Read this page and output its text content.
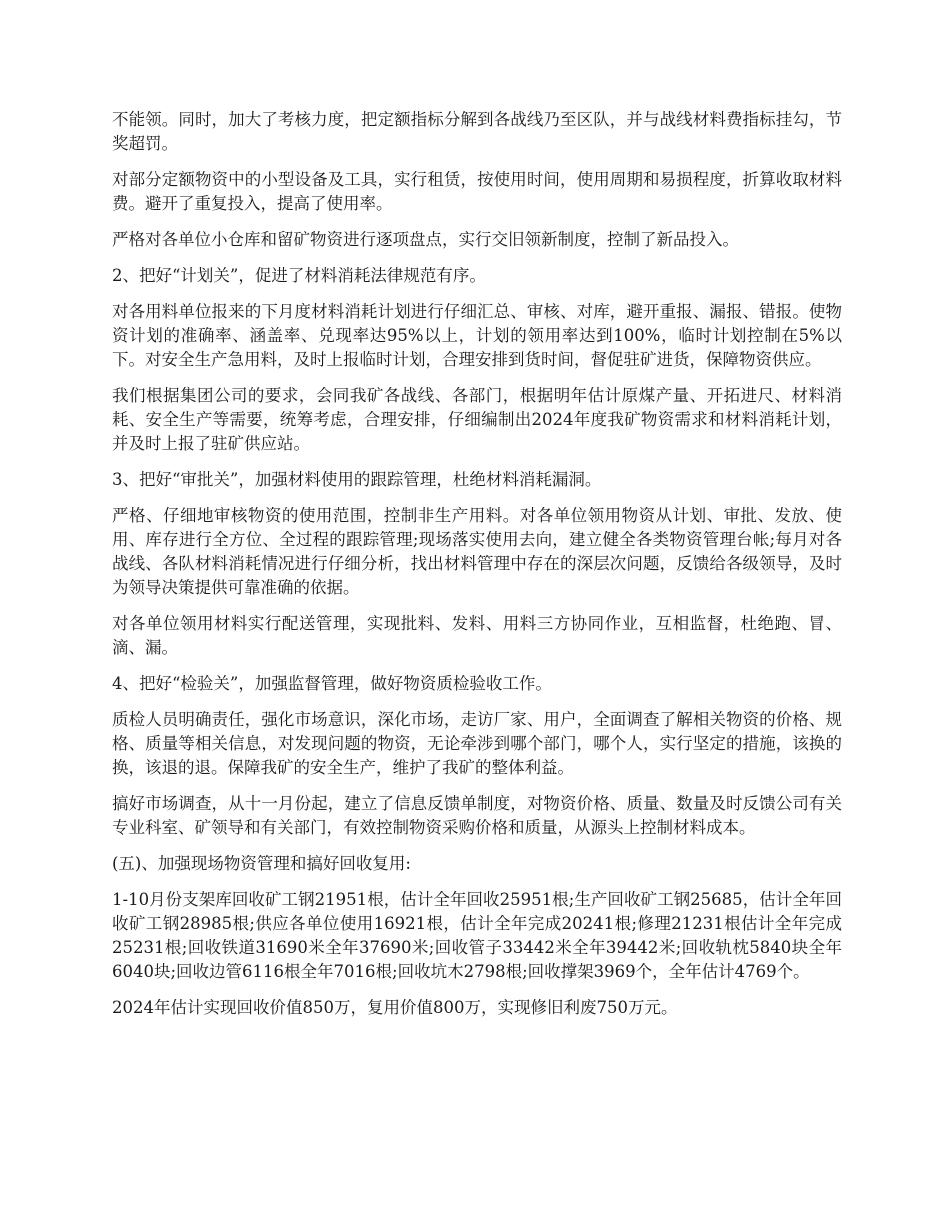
不能领。同时，加大了考核力度，把定额指标分解到各战线乃至区队，并与战线材料费指标挂勾，节奖超罚。

对部分定额物资中的小型设备及工具，实行租赁，按使用时间，使用周期和易损程度，折算收取材料费。避开了重复投入，提高了使用率。

严格对各单位小仓库和留矿物资进行逐项盘点，实行交旧领新制度，控制了新品投入。

2、把好“计划关”，促进了材料消耗法律规范有序。

对各用料单位报来的下月度材料消耗计划进行仔细汇总、审核、对库，避开重报、漏报、错报。使物资计划的准确率、涵盖率、兑现率达95%以上，计划的领用率达到100%，临时计划控制在5%以下。对安全生产急用料，及时上报临时计划，合理安排到货时间，督促驻矿进货，保障物资供应。

我们根据集团公司的要求，会同我矿各战线、各部门，根据明年估计原煤产量、开拓进尺、材料消耗、安全生产等需要，统筹考虑，合理安排，仔细编制出2024年度我矿物资需求和材料消耗计划，并及时上报了驻矿供应站。

3、把好“审批关”，加强材料使用的跟踪管理，杜绝材料消耗漏洞。

严格、仔细地审核物资的使用范围，控制非生产用料。对各单位领用物资从计划、审批、发放、使用、库存进行全方位、全过程的跟踪管理;现场落实使用去向，建立健全各类物资管理台帐;每月对各战线、各队材料消耗情况进行仔细分析，找出材料管理中存在的深层次问题，反馈给各级领导，及时为领导决策提供可靠准确的依据。

对各单位领用材料实行配送管理，实现批料、发料、用料三方协同作业，互相监督，杜绝跑、冒、滴、漏。

4、把好“检验关”，加强监督管理，做好物资质检验收工作。

质检人员明确责任，强化市场意识，深化市场，走访厂家、用户，全面调查了解相关物资的价格、规格、质量等相关信息，对发现问题的物资，无论牵涉到哪个部门，哪个人，实行坚定的措施，该换的换，该退的退。保障我矿的安全生产，维护了我矿的整体利益。

搞好市场调查，从十一月份起，建立了信息反馈单制度，对物资价格、质量、数量及时反馈公司有关专业科室、矿领导和有关部门，有效控制物资采购价格和质量，从源头上控制材料成本。

(五)、加强现场物资管理和搞好回收复用:

1-10月份支架库回收矿工钢21951根，估计全年回收25951根;生产回收矿工钢25685，估计全年回收矿工钢28985根;供应各单位使用16921根，估计全年完成20241根;修理21231根估计全年完成25231根;回收铁道31690米全年37690米;回收管子33442米全年39442米;回收轨枕5840块全年6040块;回收边管6116根全年7016根;回收坑木2798根;回收撑架3969个，全年估计4769个。

2024年估计实现回收价值850万，复用价值800万，实现修旧利废750万元。
